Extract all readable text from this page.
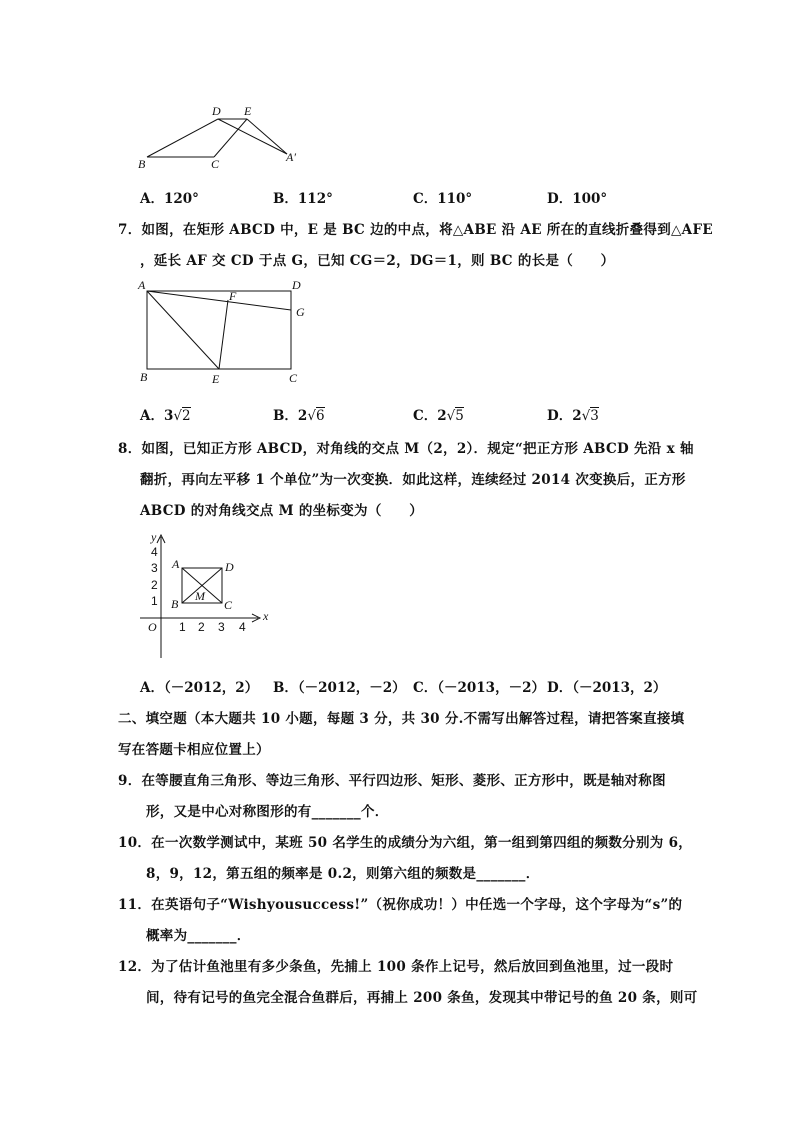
D E
B	C	A′
A．120°	B．112°	C．110°	D．100°
7．如图，在矩形 ABCD 中，E 是 BC 边的中点，将△ABE 沿 AE 所在的直线折叠得到△AFE
，延长 AF 交 CD 于点 G，已知 CG＝2，DG＝1，则 BC 的长是（　　）
A	D
F
G
B	E	C
A．3√2	B．2√6	C．2√5	D．2√3
8．如图，已知正方形 ABCD，对角线的交点 M（2，2）．规定“把正方形 ABCD 先沿 x 轴
翻折，再向左平移 1 个单位”为一次变换．如此这样，连续经过 2014 次变换后，正方形
ABCD 的对角线交点 M 的坐标变为（　　）
y
x
O
4
3
2
1
1 2 3 4
A	D
B	C
M
A．（－2012，2） B．（－2012，－2） C．（－2013，－2） D．（－2013，2）
二、填空题（本大题共 10 小题，每题 3 分，共 30 分.不需写出解答过程，请把答案直接填
写在答题卡相应位置上）
9．在等腰直角三角形、等边三角形、平行四边形、矩形、菱形、正方形中，既是轴对称图
形，又是中心对称图形的有_______个．
10．在一次数学测试中，某班 50 名学生的成绩分为六组，第一组到第四组的频数分别为 6，
8，9，12，第五组的频率是 0.2，则第六组的频数是_______．
11．在英语句子“Wishyousuccess!”（祝你成功！）中任选一个字母，这个字母为“s”的
概率为_______．
12．为了估计鱼池里有多少条鱼，先捕上 100 条作上记号，然后放回到鱼池里，过一段时
间，待有记号的鱼完全混合鱼群后，再捕上 200 条鱼，发现其中带记号的鱼 20 条，则可
